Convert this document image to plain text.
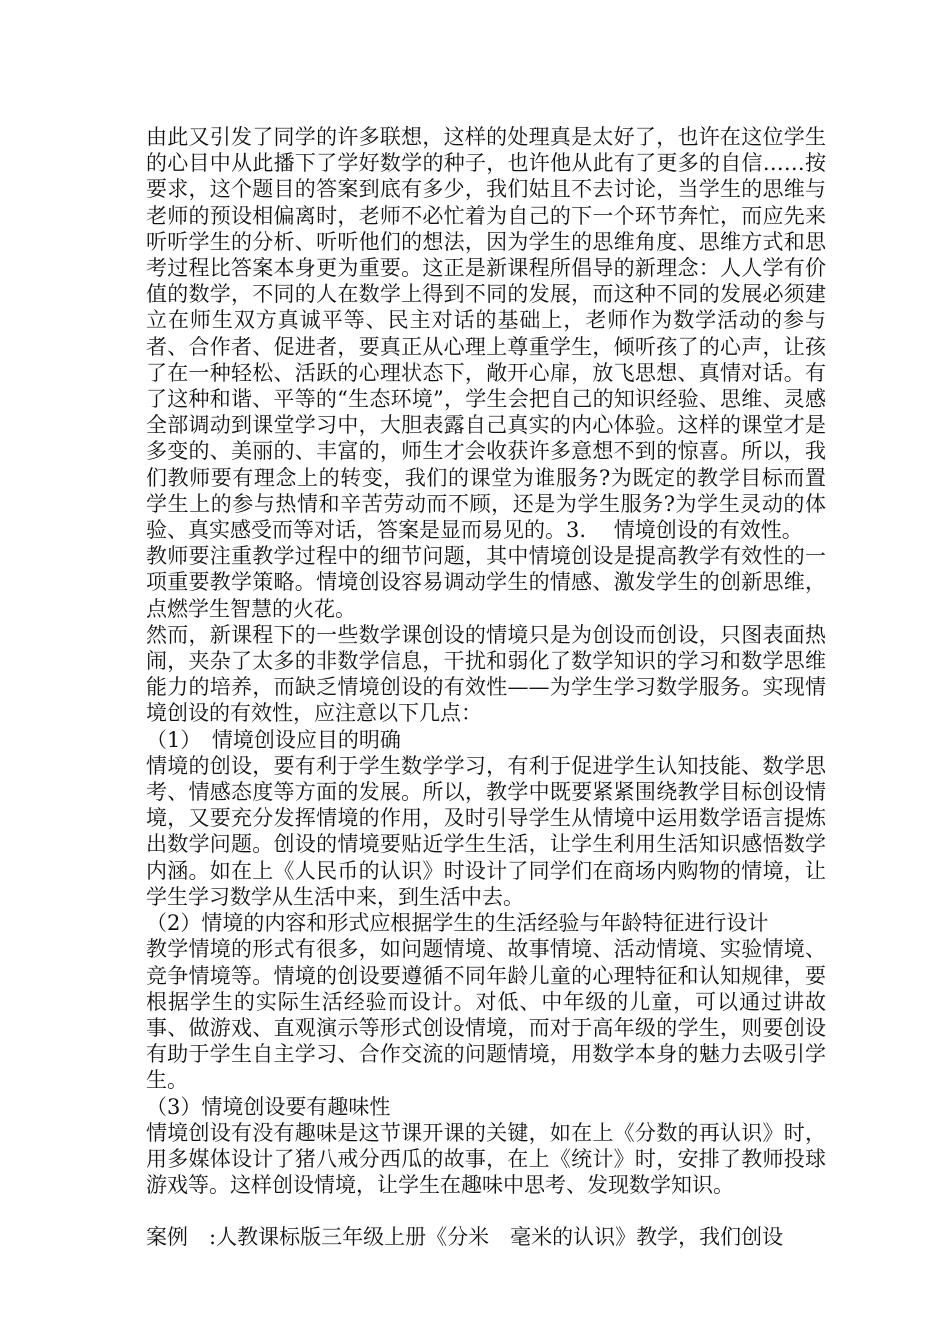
由此又引发了同学的许多联想，这样的处理真是太好了，也许在这位学生的心目中从此播下了学好数学的种子，也许他从此有了更多的自信……按要求，这个题目的答案到底有多少，我们姑且不去讨论，当学生的思维与老师的预设相偏离时，老师不必忙着为自己的下一个环节奔忙，而应先来听听学生的分析、听听他们的想法，因为学生的思维角度、思维方式和思考过程比答案本身更为重要。这正是新课程所倡导的新理念：人人学有价值的数学，不同的人在数学上得到不同的发展，而这种不同的发展必须建立在师生双方真诚平等、民主对话的基础上，老师作为数学活动的参与者、合作者、促进者，要真正从心理上尊重学生，倾听孩了的心声，让孩了在一种轻松、活跃的心理状态下，敞开心扉，放飞思想、真情对话。有了这种和谐、平等的“生态环境”，学生会把自己的知识经验、思维、灵感全部调动到课堂学习中，大胆表露自己真实的内心体验。这样的课堂才是多变的、美丽的、丰富的，师生才会收获许多意想不到的惊喜。所以，我们教师要有理念上的转变，我们的课堂为谁服务?为既定的教学目标而置学生上的参与热情和辛苦劳动而不顾，还是为学生服务?为学生灵动的体验、真实感受而等对话，答案是显而易见的。3.　 情境创设的有效性。

教师要注重教学过程中的细节问题，其中情境创设是提高教学有效性的一项重要教学策略。情境创设容易调动学生的情感、激发学生的创新思维，点燃学生智慧的火花。

然而，新课程下的一些数学课创设的情境只是为创设而创设，只图表面热闹，夹杂了太多的非数学信息，干扰和弱化了数学知识的学习和数学思维能力的培养，而缺乏情境创设的有效性——为学生学习数学服务。实现情境创设的有效性，应注意以下几点：

（1）　情境创设应目的明确

情境的创设，要有利于学生数学学习，有利于促进学生认知技能、数学思考、情感态度等方面的发展。所以，教学中既要紧紧围绕教学目标创设情境，又要充分发挥情境的作用，及时引导学生从情境中运用数学语言提炼出数学问题。创设的情境要贴近学生生活，让学生利用生活知识感悟数学内涵。如在上《人民币的认识》时设计了同学们在商场内购物的情境，让学生学习数学从生活中来，到生活中去。

（2）情境的内容和形式应根据学生的生活经验与年龄特征进行设计

教学情境的形式有很多，如问题情境、故事情境、活动情境、实验情境、竞争情境等。情境的创设要遵循不同年龄儿童的心理特征和认知规律，要根据学生的实际生活经验而设计。对低、中年级的儿童，可以通过讲故事、做游戏、直观演示等形式创设情境，而对于高年级的学生，则要创设有助于学生自主学习、合作交流的问题情境，用数学本身的魅力去吸引学生。

（3）情境创设要有趣味性

情境创设有没有趣味是这节课开课的关键，如在上《分数的再认识》时，用多媒体设计了猪八戒分西瓜的故事，在上《统计》时，安排了教师投球游戏等。这样创设情境，让学生在趣味中思考、发现数学知识。

案例　:人教课标版三年级上册《分米　毫米的认识》教学，我们创设
